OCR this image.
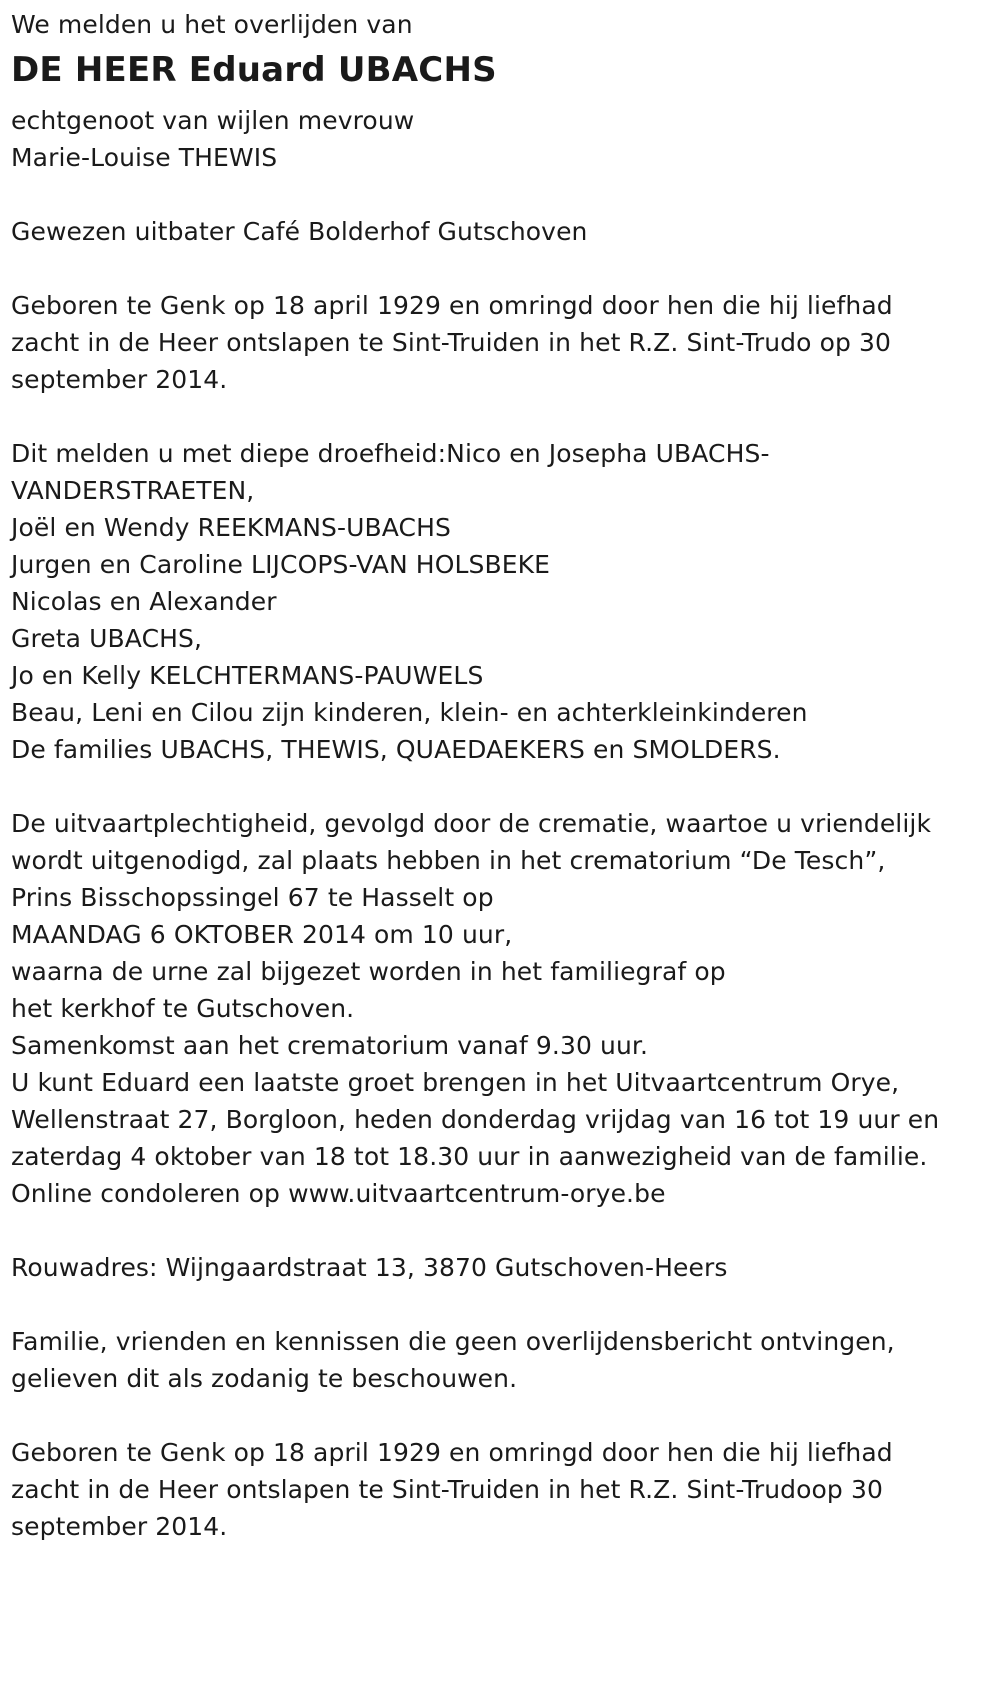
We melden u het overlijden van
DE HEER Eduard UBACHS
echtgenoot van wijlen mevrouw
Marie-Louise THEWIS
Gewezen uitbater Café Bolderhof Gutschoven
Geboren te Genk op 18 april 1929 en omringd door hen die hij liefhad
zacht in de Heer ontslapen te Sint-Truiden in het R.Z. Sint-Trudo op 30
september 2014.
Dit melden u met diepe droefheid:Nico en Josepha UBACHS-
VANDERSTRAETEN,
Joël en Wendy REEKMANS-UBACHS
Jurgen en Caroline LIJCOPS-VAN HOLSBEKE
Nicolas en Alexander
Greta UBACHS,
Jo en Kelly KELCHTERMANS-PAUWELS
Beau, Leni en Cilou zijn kinderen, klein- en achterkleinkinderen
De families UBACHS, THEWIS, QUAEDAEKERS en SMOLDERS.
De uitvaartplechtigheid, gevolgd door de crematie, waartoe u vriendelijk
wordt uitgenodigd, zal plaats hebben in het crematorium “De Tesch”,
Prins Bisschopssingel 67 te Hasselt op
MAANDAG 6 OKTOBER 2014 om 10 uur,
waarna de urne zal bijgezet worden in het familiegraf op
het kerkhof te Gutschoven.
Samenkomst aan het crematorium vanaf 9.30 uur.
U kunt Eduard een laatste groet brengen in het Uitvaartcentrum Orye,
Wellenstraat 27, Borgloon, heden donderdag vrijdag van 16 tot 19 uur en
zaterdag 4 oktober van 18 tot 18.30 uur in aanwezigheid van de familie.
Online condoleren op www.uitvaartcentrum-orye.be
Rouwadres: Wijngaardstraat 13, 3870 Gutschoven-Heers
Familie, vrienden en kennissen die geen overlijdensbericht ontvingen,
gelieven dit als zodanig te beschouwen.
Geboren te Genk op 18 april 1929 en omringd door hen die hij liefhad
zacht in de Heer ontslapen te Sint-Truiden in het R.Z. Sint-Trudoop 30
september 2014.
